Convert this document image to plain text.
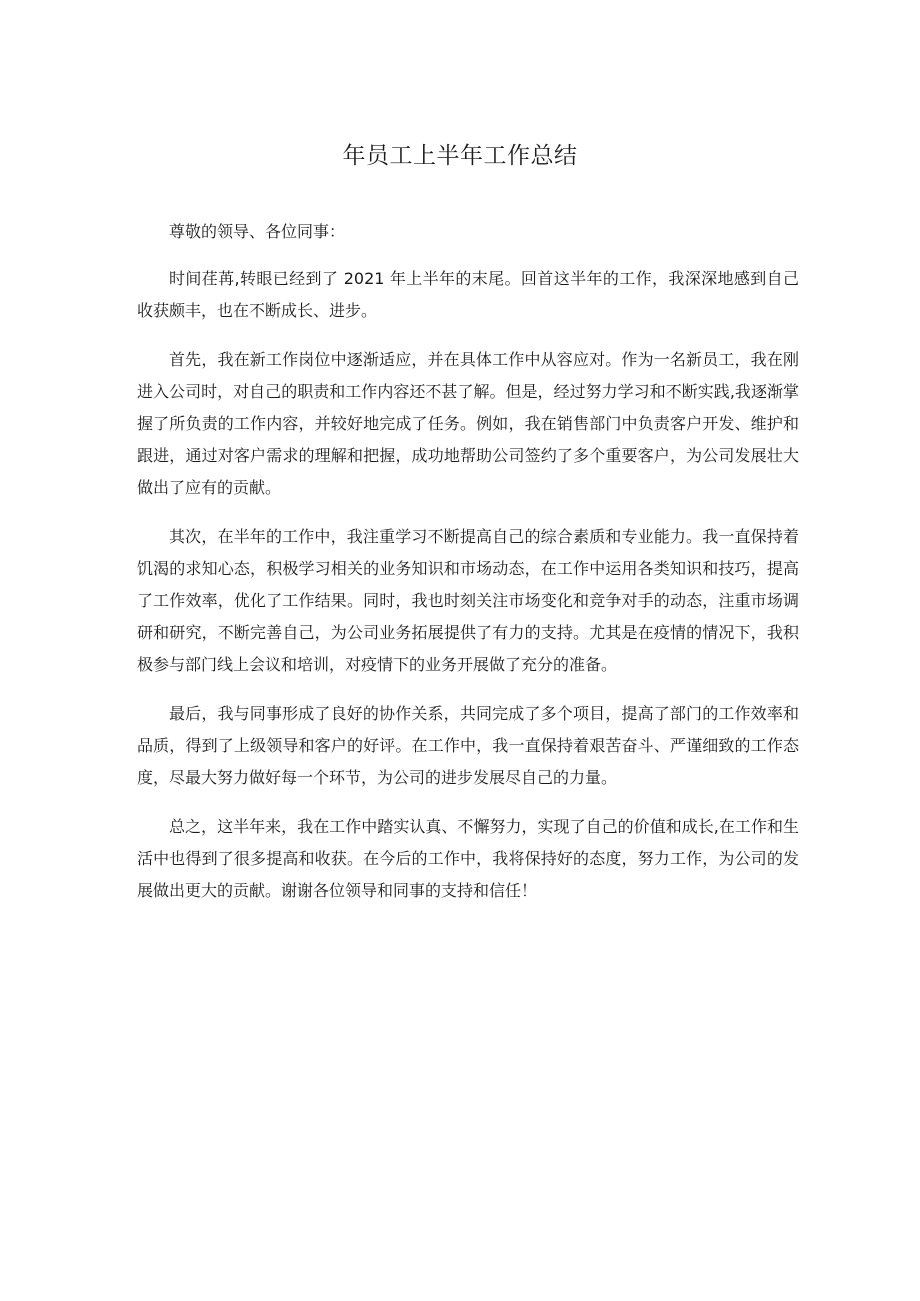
年员工上半年工作总结

尊敬的领导、各位同事：

时间荏苒,转眼已经到了 2021 年上半年的末尾。回首这半年的工作，我深深地感到自己收获颇丰，也在不断成长、进步。

首先，我在新工作岗位中逐渐适应，并在具体工作中从容应对。作为一名新员工，我在刚进入公司时，对自己的职责和工作内容还不甚了解。但是，经过努力学习和不断实践,我逐渐掌握了所负责的工作内容，并较好地完成了任务。例如，我在销售部门中负责客户开发、维护和跟进，通过对客户需求的理解和把握，成功地帮助公司签约了多个重要客户，为公司发展壮大做出了应有的贡献。

其次，在半年的工作中，我注重学习不断提高自己的综合素质和专业能力。我一直保持着饥渴的求知心态，积极学习相关的业务知识和市场动态，在工作中运用各类知识和技巧，提高了工作效率，优化了工作结果。同时，我也时刻关注市场变化和竞争对手的动态，注重市场调研和研究，不断完善自己，为公司业务拓展提供了有力的支持。尤其是在疫情的情况下，我积极参与部门线上会议和培训，对疫情下的业务开展做了充分的准备。

最后，我与同事形成了良好的协作关系，共同完成了多个项目，提高了部门的工作效率和品质，得到了上级领导和客户的好评。在工作中，我一直保持着艰苦奋斗、严谨细致的工作态度，尽最大努力做好每一个环节，为公司的进步发展尽自己的力量。

总之，这半年来，我在工作中踏实认真、不懈努力，实现了自己的价值和成长,在工作和生活中也得到了很多提高和收获。在今后的工作中，我将保持好的态度，努力工作，为公司的发展做出更大的贡献。谢谢各位领导和同事的支持和信任！
